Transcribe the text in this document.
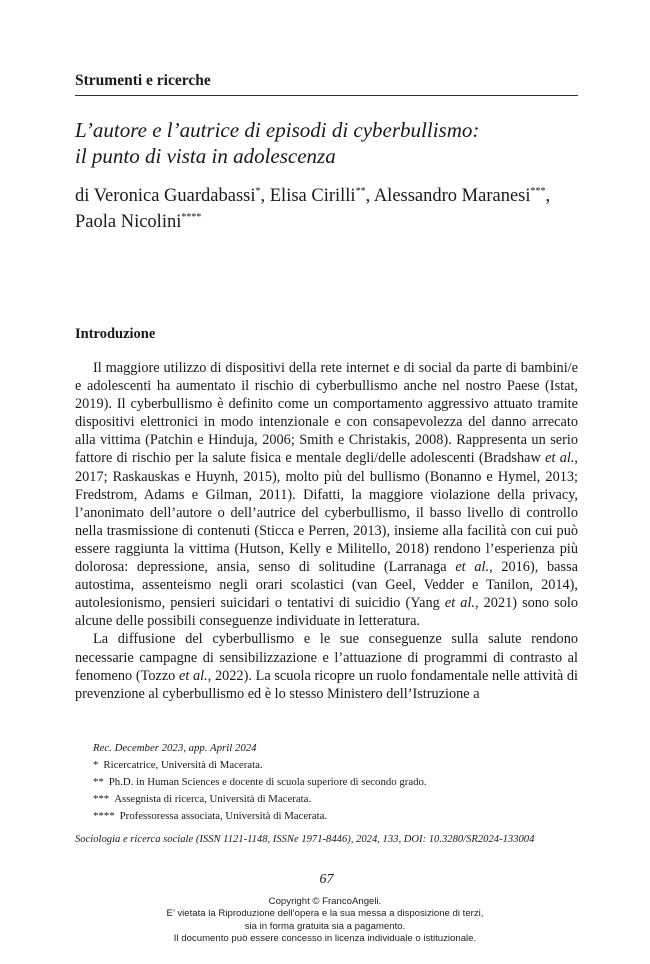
Strumenti e ricerche
L’autore e l’autrice di episodi di cyberbullismo:
il punto di vista in adolescenza
di Veronica Guardabassi*, Elisa Cirilli**, Alessandro Maranesi***,
Paola Nicolini****
Introduzione

Il maggiore utilizzo di dispositivi della rete internet e di social da parte di bambini/e e adolescenti ha aumentato il rischio di cyberbullismo anche nel nostro Paese (Istat, 2019). Il cyberbullismo è definito come un comportamento aggressivo attuato tramite dispositivi elettronici in modo intenzionale e con consapevolezza del danno arrecato alla vittima (Patchin e Hinduja, 2006; Smith e Christakis, 2008). Rappresenta un serio fattore di rischio per la salute fisica e mentale degli/delle adolescenti (Bradshaw et al., 2017; Raskauskas e Huynh, 2015), molto più del bullismo (Bonanno e Hymel, 2013; Fredstrom, Adams e Gilman, 2011). Difatti, la maggiore violazione della privacy, l’anonimato dell’autore o dell’autrice del cyberbullismo, il basso livello di controllo nella trasmissione di contenuti (Sticca e Perren, 2013), insieme alla facilità con cui può essere raggiunta la vittima (Hutson, Kelly e Militello, 2018) rendono l’esperienza più dolorosa: depressione, ansia, senso di solitudine (Larranaga et al., 2016), bassa autostima, assenteismo negli orari scolastici (van Geel, Vedder e Tanilon, 2014), autolesionismo, pensieri suicidari o tentativi di suicidio (Yang et al., 2021) sono solo alcune delle possibili conseguenze individuate in letteratura.

La diffusione del cyberbullismo e le sue conseguenze sulla salute rendono necessarie campagne di sensibilizzazione e l’attuazione di programmi di contrasto al fenomeno (Tozzo et al., 2022). La scuola ricopre un ruolo fondamentale nelle attività di prevenzione al cyberbullismo ed è lo stesso Ministero dell’Istruzione a

Rec. December 2023, app. April 2024
* Ricercatrice, Università di Macerata.
** Ph.D. in Human Sciences e docente di scuola superiore di secondo grado.
*** Assegnista di ricerca, Università di Macerata.
**** Professoressa associata, Università di Macerata.
Sociologia e ricerca sociale (ISSN 1121-1148, ISSNe 1971-8446), 2024, 133, DOI: 10.3280/SR2024-133004
67
Copyright © FrancoAngeli.
E’ vietata la Riproduzione dell’opera e la sua messa a disposizione di terzi,
sia in forma gratuita sia a pagamento.
Il documento può essere concesso in licenza individuale o istituzionale.
